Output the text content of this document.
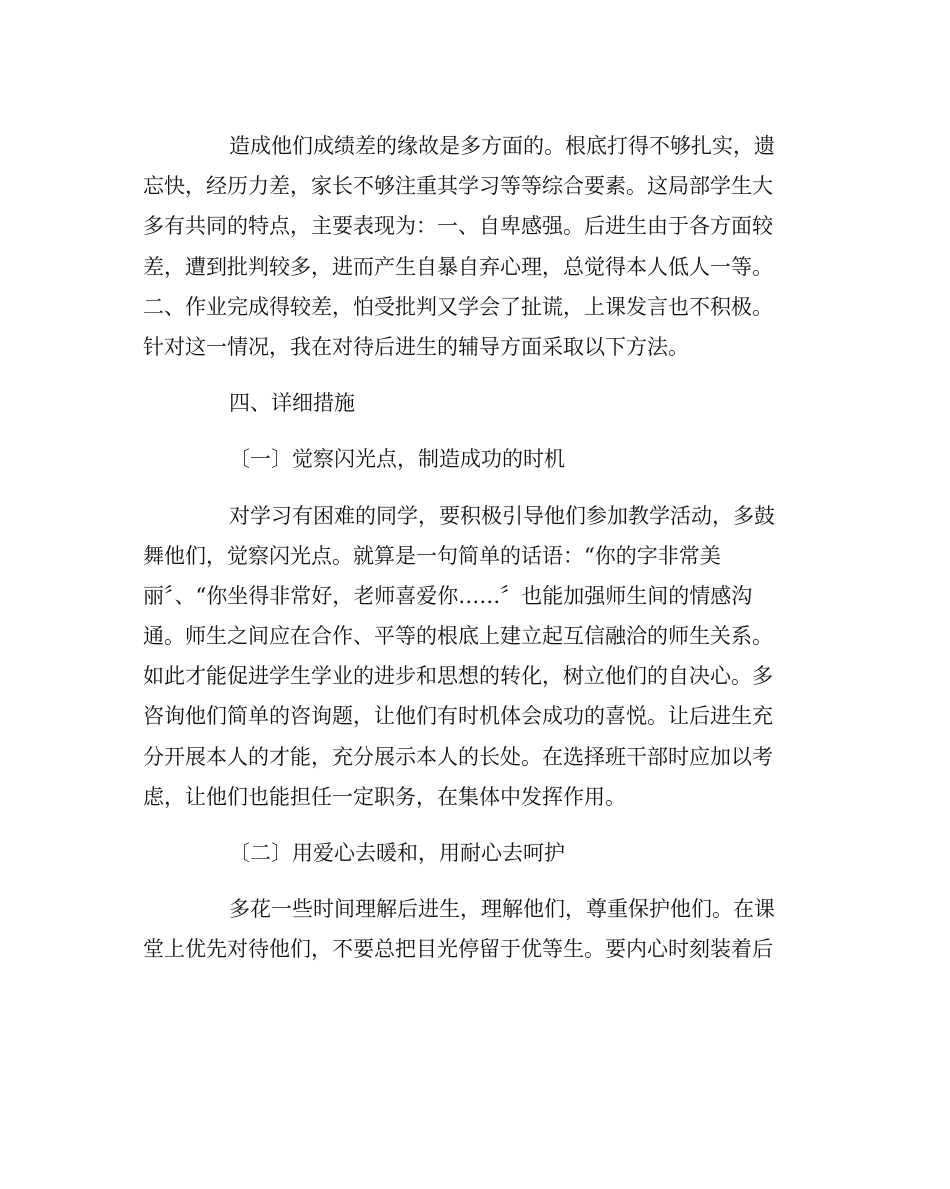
造成他们成绩差的缘故是多方面的。根底打得不够扎实，遗
忘快，经历力差，家长不够注重其学习等等综合要素。这局部学生大
多有共同的特点，主要表现为：一、自卑感强。后进生由于各方面较
差，遭到批判较多，进而产生自暴自弃心理，总觉得本人低人一等。
二、作业完成得较差，怕受批判又学会了扯谎，上课发言也不积极。
针对这一情况，我在对待后进生的辅导方面采取以下方法。
四、详细措施
〔一〕觉察闪光点，制造成功的时机
对学习有困难的同学，要积极引导他们参加教学活动，多鼓
舞他们，觉察闪光点。就算是一句简单的话语：“你的字非常美
丽〞、“你坐得非常好，老师喜爱你……〞也能加强师生间的情感沟
通。师生之间应在合作、平等的根底上建立起互信融洽的师生关系。
如此才能促进学生学业的进步和思想的转化，树立他们的自决心。多
咨询他们简单的咨询题，让他们有时机体会成功的喜悦。让后进生充
分开展本人的才能，充分展示本人的长处。在选择班干部时应加以考
虑，让他们也能担任一定职务，在集体中发挥作用。
〔二〕用爱心去暖和，用耐心去呵护
多花一些时间理解后进生，理解他们，尊重保护他们。在课
堂上优先对待他们，不要总把目光停留于优等生。要内心时刻装着后
